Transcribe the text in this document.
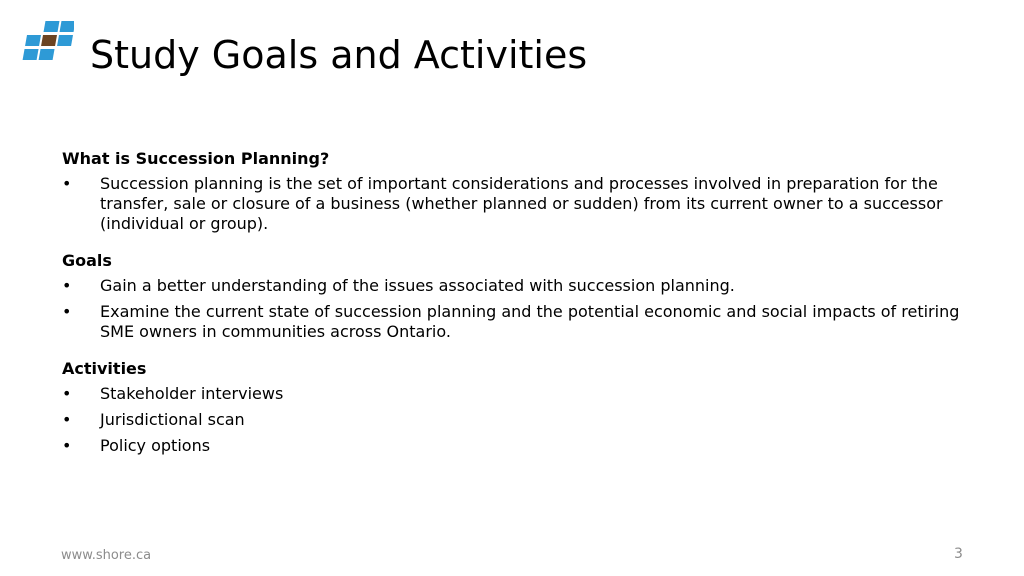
Study Goals and Activities
What is Succession Planning?
• Succession planning is the set of important considerations and processes involved in preparation for the transfer, sale or closure of a business (whether planned or sudden) from its current owner to a successor (individual or group).
Goals
• Gain a better understanding of the issues associated with succession planning.
• Examine the current state of succession planning and the potential economic and social impacts of retiring SME owners in communities across Ontario.
Activities
• Stakeholder interviews
• Jurisdictional scan
• Policy options
www.shore.ca	3
